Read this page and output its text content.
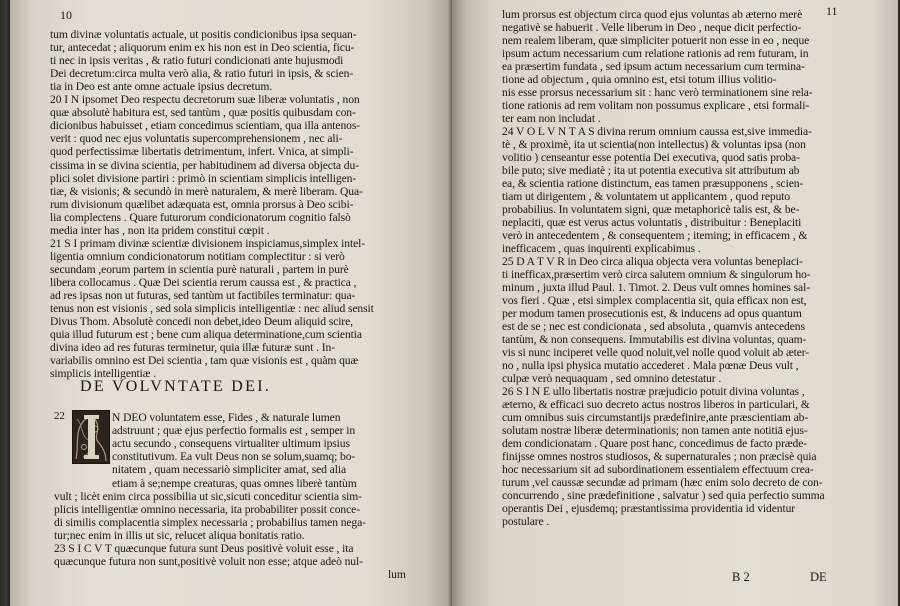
10
tum divinæ voluntatis actuale, ut positis condicionibus ipsa sequan-
tur, antecedat ; aliquorum enim ex his non est in Deo scientia, ficu-
ti nec in ipsis veritas , & ratio futuri condicionati ante hujusmodi
Dei decretum:circa multa verò alia, & ratio futuri in ipsis, & scien-
tia in Deo est ante omne actuale ipsius decretum.
20 I N ipsomet Deo respectu decretorum suæ liberæ voluntatis , non
quæ absolutè habitura est, sed tantùm , quæ positis quibusdam con-
dicionibus habuisset , etiam concedimus scientiam, qua illa antenos-
verit : quod nec ejus voluntatis supercomprehensionem , nec ali-
quod perfectissimæ libertatis detrimentum, infert. Vnica, at simpli-
cissima in se divina scientia, per habitudinem ad diversa objecta du-
plici solet divisione partiri : primò in scientiam simplicis intelligen-
tiæ, & visionis; & secundò in merè naturalem, & merè liberam. Qua-
rum divisionum quælibet adæquata est, omnia prorsus à Deo scibi-
lia complectens . Quare futurorum condicionatorum cognitio falsò
media inter has , non ita pridem constitui cœpit .
21 S I primam divinæ scientiæ divisionem inspiciamus,simplex intel-
ligentia omnium condicionatorum notitiam complectitur : si verò
secundam ,eorum partem in scientia purè naturali , partem in purè
libera collocamus . Quæ Dei scientia rerum caussa est , & practica ,
ad res ipsas non ut futuras, sed tantùm ut factibiles terminatur: qua-
tenus non est visionis , sed sola simplicis intelligentiæ : nec aliud sensit
Divus Thom. Absolutè concedi non debet,ideo Deum aliquid scire,
quia illud futurum est ; bene cum aliqua determinatione,cum scientia
divina ideo ad res futuras terminetur, quia illæ futuræ sunt . In-
variabilis omnino est Dei scientia , tam quæ visionis est , quàm quæ
simplicis intelligentiæ .
DE VOLVNTATE DEI.
22	N DEO voluntatem esse, Fides , & naturale lumen
adstruunt ; quæ ejus perfectio formalis est , semper in
actu secundo , consequens virtualiter ultimum ipsius
constitutivum. Ea vult Deus non se solum,suamq; bo-
nitatem , quam necessariò simpliciter amat, sed alia
etiam à se;nempe creaturas, quas omnes liberè tantùm
vult ; licèt enim circa possibilia ut sic,sicuti conceditur scientia sim-
plicis intelligentiæ omnino necessaria, ita probabiliter possit conce-
di similis complacentia simplex necessaria ; probabilius tamen nega-
tur;nec enim in illis ut sic, relucet aliqua bonitatis ratio.
23 S I C V T quæcunque futura sunt Deus positivè voluit esse , ita
quæcunque futura non sunt,positivè voluit non esse; atque adeò nul-
lum
11
lum prorsus est objectum circa quod ejus voluntas ab æterno merè
negativè se habuerit . Velle liberum in Deo , neque dicit perfectio-
nem realem liberam, quæ simpliciter potuerit non esse in eo , neque
ipsum actum necessarium cum relatione rationis ad rem futuram, in
ea præsertim fundata , sed ipsum actum necessarium cum termina-
tione ad objectum , quia omnino est, etsi totum illius volitio-
nis esse prorsus necessarium sit : hanc verò terminationem sine rela-
tione rationis ad rem volitam non possumus explicare , etsi formali-
ter eam non includat .
24 V O L V N T A S divina rerum omnium caussa est,sive immedia-
tè , & proximè, ita ut scientia(non intellectus) & voluntas ipsa (non
volitio ) censeantur esse potentia Dei executiva, quod satis proba-
bile puto; sive mediatè ; ita ut potentia executiva sit attributum ab
ea, & scientia ratione distinctum, eas tamen præsupponens , scien-
tiam ut dirigentem , & voluntatem ut applicantem , quod reputo
probabilius. In voluntatem signi, quæ metaphoricè talis est, & be-
neplaciti, quæ est verus actus voluntatis , distribuitur : Beneplaciti
verò in antecedentem , & consequentem ; iteming; in efficacem , &
inefficacem , quas inquirenti explicabimus .
25 D A T V R in Deo circa aliqua objecta vera voluntas beneplaci-
ti inefficax,præsertim verò circa salutem omnium & singulorum ho-
minum , juxta illud Paul. 1. Timot. 2. Deus vult omnes homines sal-
vos fieri . Quæ , etsi simplex complacentia sit, quia efficax non est,
per modum tamen prosecutionis est, & inducens ad opus quantum
est de se ; nec est condicionata , sed absoluta , quamvis antecedens
tantùm, & non consequens. Immutabilis est divina voluntas, quam-
vis si nunc inciperet velle quod noluit,vel nolle quod voluit ab æter-
no , nulla ipsi physica mutatio accederet . Mala pœnæ Deus vult ,
culpæ verò nequaquam , sed omnino detestatur .
26 S I N E ullo libertatis nostræ præjudicio potuit divina voluntas ,
æterno, & efficaci suo decreto actus nostros liberos in particulari, &
cum omnibus suis circumstantijs prædefinire,ante præscientiam ab-
solutam nostræ liberæ determinationis; non tamen ante notitiā ejus-
dem condicionatam . Quare post hanc, concedimus de facto præde-
finijsse omnes nostros studiosos, & supernaturales ; non præcisè quia
hoc necessarium sit ad subordinationem essentialem effectuum crea-
turum ,vel caussæ secundæ ad primam (hæc enim solo decreto de con-
concurrendo , sine prædefinitione , salvatur ) sed quia perfectio summa
operantis Dei , ejusdemq; præstantissima providentia id videntur
postulare .
B 2	DE
